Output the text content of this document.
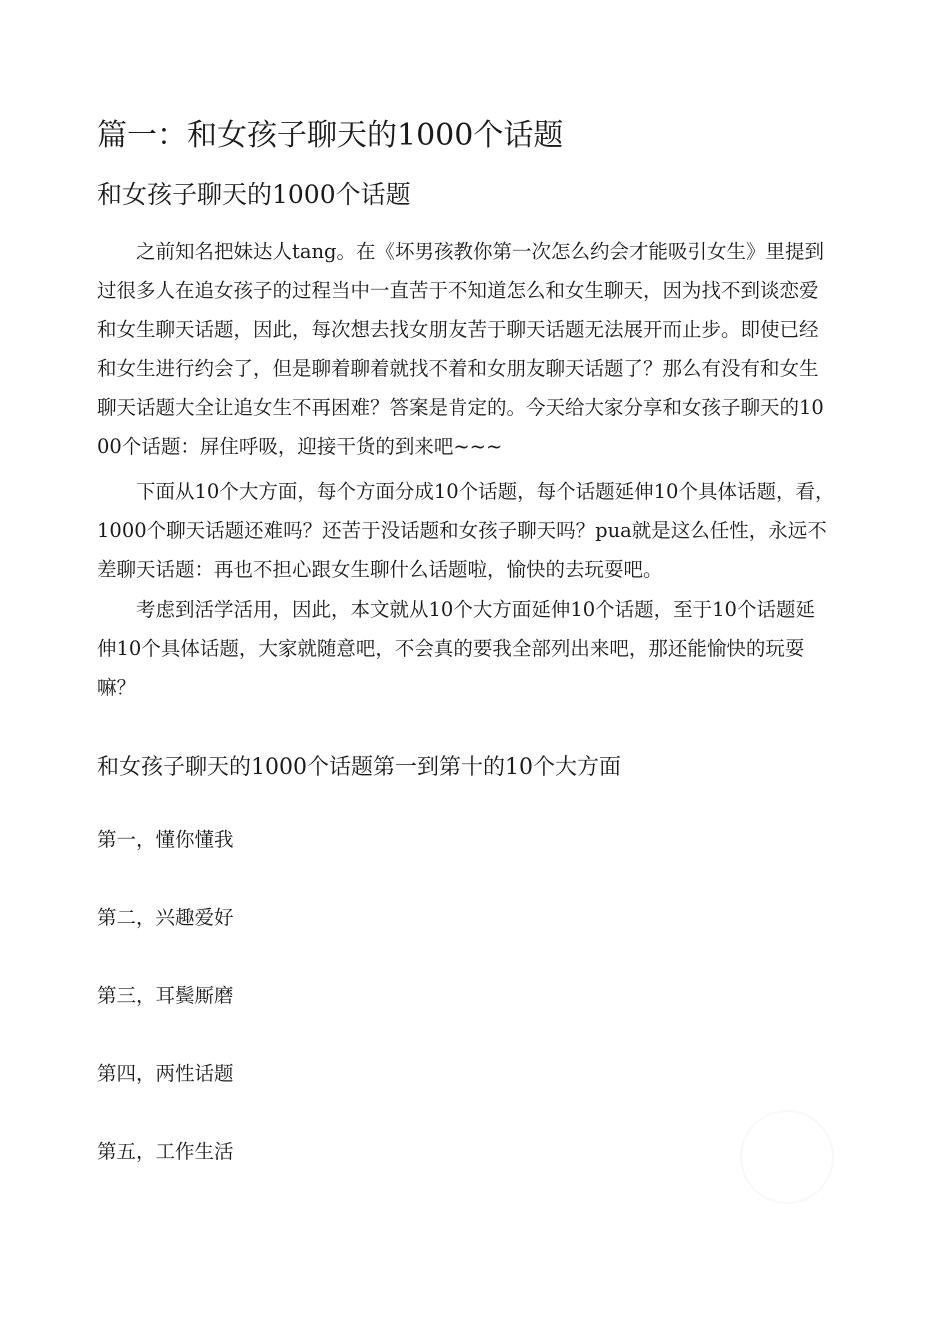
篇一：和女孩子聊天的1000个话题
和女孩子聊天的1000个话题

　　之前知名把妹达人tang。在《坏男孩教你第一次怎么约会才能吸引女生》里提到
过很多人在追女孩子的过程当中一直苦于不知道怎么和女生聊天，因为找不到谈恋爱
和女生聊天话题，因此，每次想去找女朋友苦于聊天话题无法展开而止步。即使已经
和女生进行约会了，但是聊着聊着就找不着和女朋友聊天话题了？那么有没有和女生
聊天话题大全让追女生不再困难？答案是肯定的。今天给大家分享和女孩子聊天的10
00个话题：屏住呼吸，迎接干货的到来吧~~~

　　下面从10个大方面，每个方面分成10个话题，每个话题延伸10个具体话题，看，
1000个聊天话题还难吗？还苦于没话题和女孩子聊天吗？pua就是这么任性，永远不
差聊天话题：再也不担心跟女生聊什么话题啦，愉快的去玩耍吧。

　　考虑到活学活用，因此，本文就从10个大方面延伸10个话题，至于10个话题延
伸10个具体话题，大家就随意吧，不会真的要我全部列出来吧，那还能愉快的玩耍
嘛？

和女孩子聊天的1000个话题第一到第十的10个大方面

第一，懂你懂我

第二，兴趣爱好

第三，耳鬓厮磨

第四，两性话题

第五，工作生活
